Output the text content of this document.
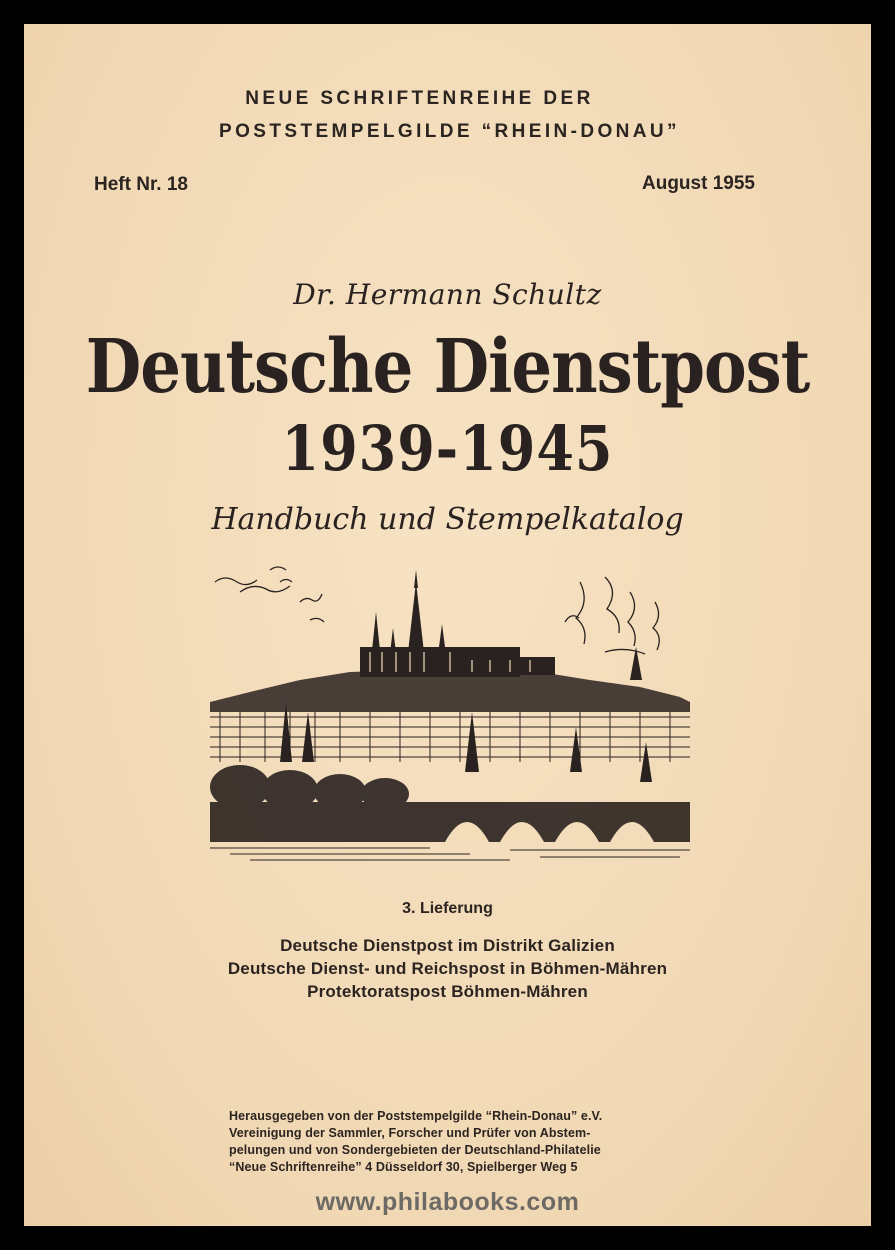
NEUE SCHRIFTENREIHE DER
POSTSTEMPELGILDE “RHEIN-DONAU”
Heft Nr. 18	August 1955
Dr. Hermann Schultz
Deutsche Dienstpost
1939-1945
Handbuch und Stempelkatalog
3. Lieferung
Deutsche Dienstpost im Distrikt Galizien
Deutsche Dienst- und Reichspost in Böhmen-Mähren
Protektoratspost Böhmen-Mähren
Herausgegeben von der Poststempelgilde “Rhein-Donau” e.V.
Vereinigung der Sammler, Forscher und Prüfer von Abstem-
pelungen und von Sondergebieten der Deutschland-Philatelie
“Neue Schriftenreihe” 4 Düsseldorf 30, Spielberger Weg 5
www.philabooks.com
